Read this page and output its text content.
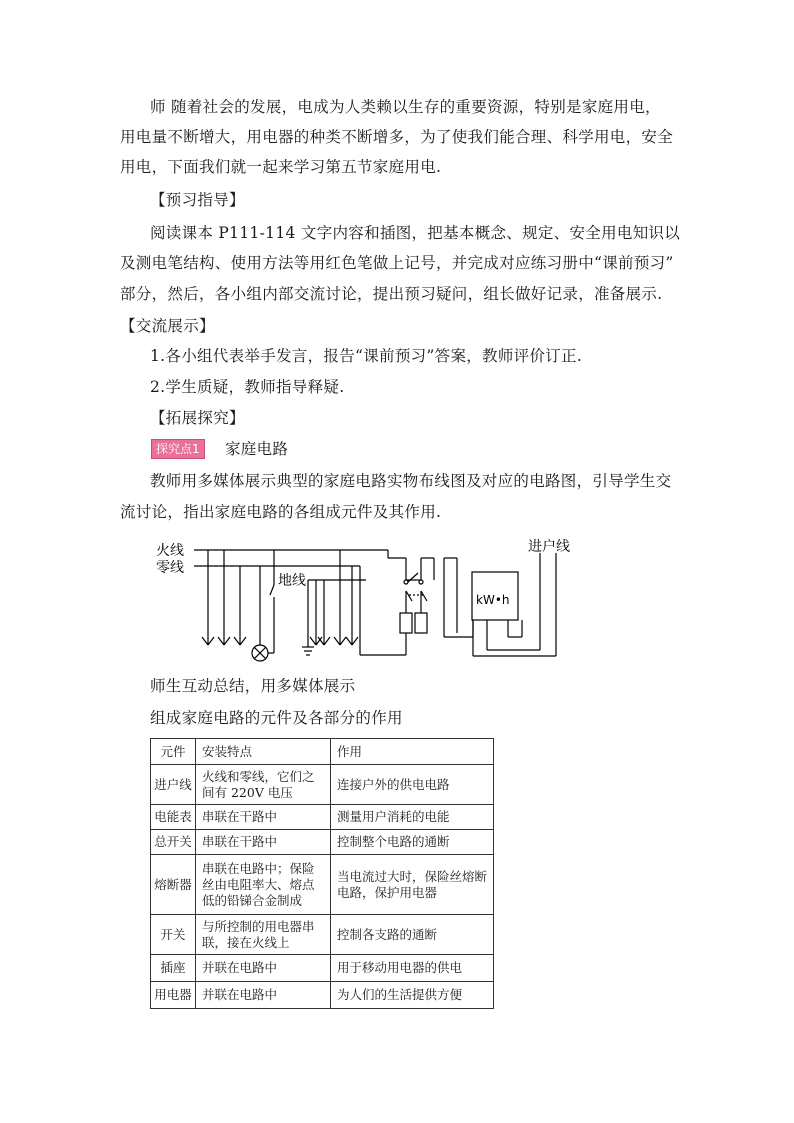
师 随着社会的发展，电成为人类赖以生存的重要资源，特别是家庭用电，
用电量不断增大，用电器的种类不断增多，为了使我们能合理、科学用电，安全
用电，下面我们就一起来学习第五节家庭用电.
【预习指导】
阅读课本 P111-114 文字内容和插图，把基本概念、规定、安全用电知识以
及测电笔结构、使用方法等用红色笔做上记号，并完成对应练习册中“课前预习”
部分，然后，各小组内部交流讨论，提出预习疑问，组长做好记录，准备展示.
【交流展示】
1.各小组代表举手发言，报告“课前预习”答案，教师评价订正.
2.学生质疑，教师指导释疑.
【拓展探究】
探究点1	家庭电路
教师用多媒体展示典型的家庭电路实物布线图及对应的电路图，引导学生交
流讨论，指出家庭电路的各组成元件及其作用.
火线
零线
地线
进户线
kW•h
师生互动总结，用多媒体展示
组成家庭电路的元件及各部分的作用
元件	安装特点	作用
进户线	火线和零线，它们之间有 220V 电压	连接户外的供电电路
电能表	串联在干路中	测量用户消耗的电能
总开关	串联在干路中	控制整个电路的通断
熔断器	串联在电路中；保险丝由电阻率大、熔点低的铅锑合金制成	当电流过大时，保险丝熔断电路，保护用电器
开关	与所控制的用电器串联，接在火线上	控制各支路的通断
插座	并联在电路中	用于移动用电器的供电
用电器	并联在电路中	为人们的生活提供方便
